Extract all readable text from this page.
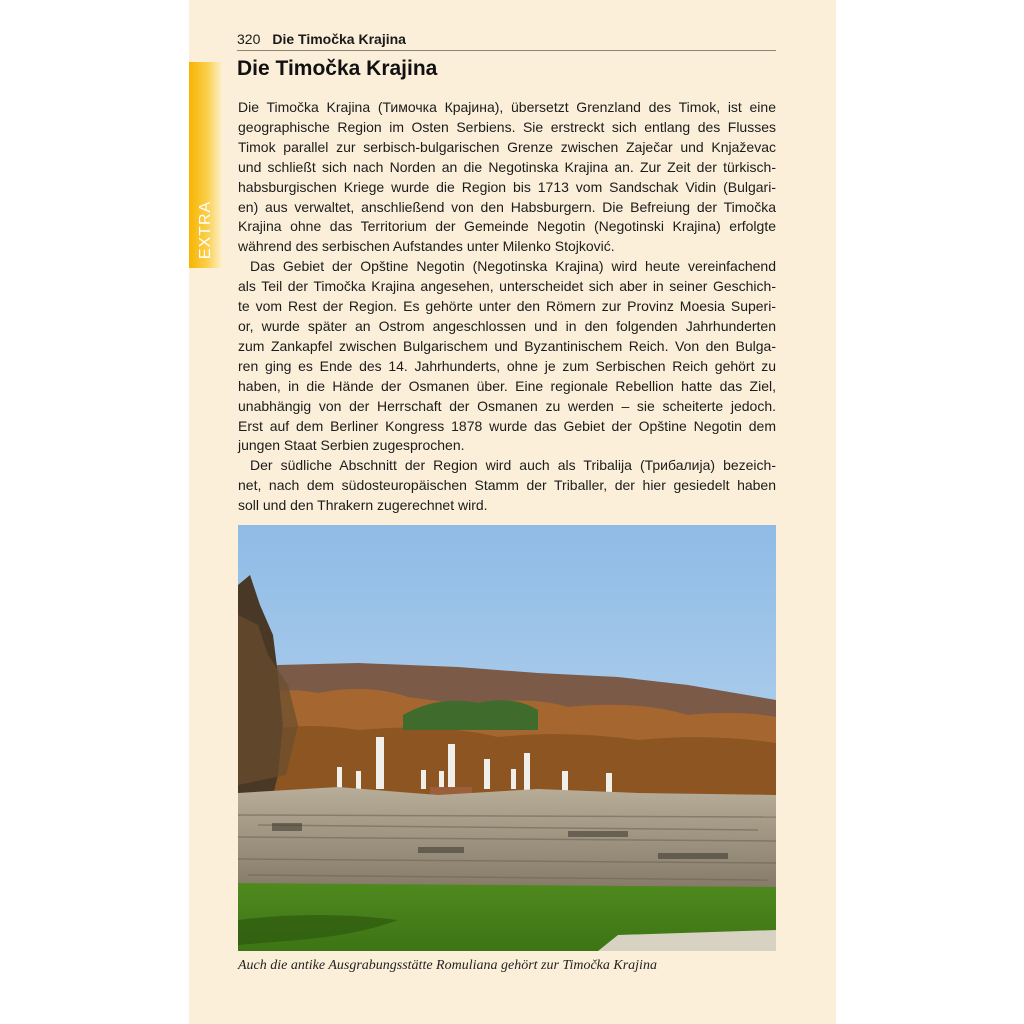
EXTRA
320 Die Timočka Krajina
Die Timočka Krajina
Die Timočka Krajina (Тимочка Крајина), übersetzt Grenzland des Timok, ist eine
geographische Region im Osten Serbiens. Sie erstreckt sich entlang des Flusses
Timok parallel zur serbisch-bulgarischen Grenze zwischen Zaječar und Knjaževac
und schließt sich nach Norden an die Negotinska Krajina an. Zur Zeit der türkisch-
habsburgischen Kriege wurde die Region bis 1713 vom Sandschak Vidin (Bulgari-
en) aus verwaltet, anschließend von den Habsburgern. Die Befreiung der Timočka
Krajina ohne das Territorium der Gemeinde Negotin (Negotinski Krajina) erfolgte
während des serbischen Aufstandes unter Milenko Stojković.
Das Gebiet der Opštine Negotin (Negotinska Krajina) wird heute vereinfachend
als Teil der Timočka Krajina angesehen, unterscheidet sich aber in seiner Geschich-
te vom Rest der Region. Es gehörte unter den Römern zur Provinz Moesia Superi-
or, wurde später an Ostrom angeschlossen und in den folgenden Jahrhunderten
zum Zankapfel zwischen Bulgarischem und Byzantinischem Reich. Von den Bulga-
ren ging es Ende des 14. Jahrhunderts, ohne je zum Serbischen Reich gehört zu
haben, in die Hände der Osmanen über. Eine regionale Rebellion hatte das Ziel,
unabhängig von der Herrschaft der Osmanen zu werden – sie scheiterte jedoch.
Erst auf dem Berliner Kongress 1878 wurde das Gebiet der Opštine Negotin dem
jungen Staat Serbien zugesprochen.
Der südliche Abschnitt der Region wird auch als Tribalija (Трибалија) bezeich-
net, nach dem südosteuropäischen Stamm der Triballer, der hier gesiedelt haben
soll und den Thrakern zugerechnet wird.
Auch die antike Ausgrabungsstätte Romuliana gehört zur Timočka Krajina
